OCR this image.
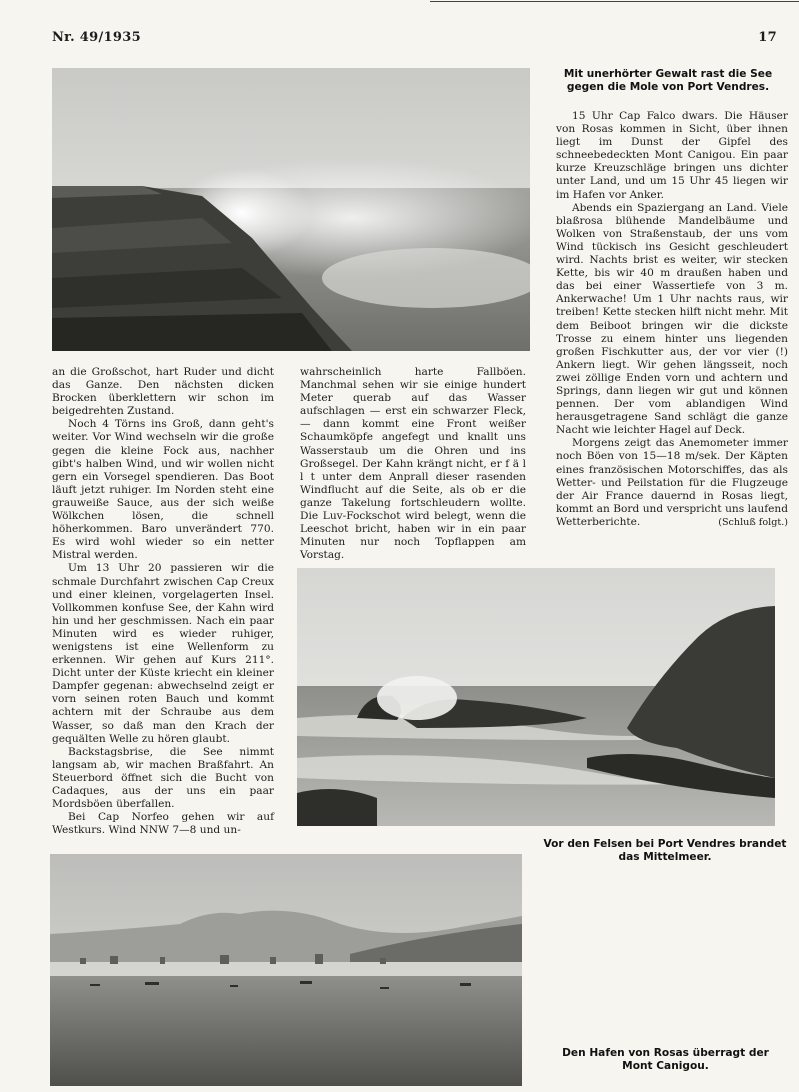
Nr. 49/1935	17
Mit unerhörter Gewalt rast die See gegen die Mole von Port Vendres.

15 Uhr Cap Falco dwars. Die Häuser von Rosas kommen in Sicht, über ihnen liegt im Dunst der Gipfel des schneebedeckten Mont Canigou. Ein paar kurze Kreuzschläge bringen uns dichter unter Land, und um 15 Uhr 45 liegen wir im Hafen vor Anker.

Abends ein Spaziergang an Land. Viele blaßrosa blühende Mandelbäume und Wolken von Straßenstaub, der uns vom Wind tückisch ins Gesicht geschleudert wird. Nachts brist es weiter, wir stecken Kette, bis wir 40 m draußen haben und das bei einer Wassertiefe von 3 m. Ankerwache! Um 1 Uhr nachts raus, wir treiben! Kette stecken hilft nicht mehr. Mit dem Beiboot bringen wir die dickste Trosse zu einem hinter uns liegenden großen Fischkutter aus, der vor vier (!) Ankern liegt. Wir gehen längsseit, noch zwei zöllige Enden vorn und achtern und Springs, dann liegen wir gut und können pennen. Der vom ablandigen Wind herausgetragene Sand schlägt die ganze Nacht wie leichter Hagel auf Deck.

Morgens zeigt das Anemometer immer noch Böen von 15—18 m/sek. Der Käpten eines französischen Motorschiffes, das als Wetter- und Peilstation für die Flugzeuge der Air France dauernd in Rosas liegt, kommt an Bord und verspricht uns laufend Wetterberichte.	(Schluß folgt.)

an die Großschot, hart Ruder und dicht das Ganze. Den nächsten dicken Brocken überklettern wir schon im beigedrehten Zustand.

Noch 4 Törns ins Groß, dann geht's weiter. Vor Wind wechseln wir die große gegen die kleine Fock aus, nachher gibt's halben Wind, und wir wollen nicht gern ein Vorsegel spendieren. Das Boot läuft jetzt ruhiger. Im Norden steht eine grauweiße Sauce, aus der sich weiße Wölkchen lösen, die schnell höherkommen. Baro unverändert 770. Es wird wohl wieder so ein netter Mistral werden.

Um 13 Uhr 20 passieren wir die schmale Durchfahrt zwischen Cap Creux und einer kleinen, vorgelagerten Insel. Vollkommen konfuse See, der Kahn wird hin und her geschmissen. Nach ein paar Minuten wird es wieder ruhiger, wenigstens ist eine Wellenform zu erkennen. Wir gehen auf Kurs 211°. Dicht unter der Küste kriecht ein kleiner Dampfer gegenan: abwechselnd zeigt er vorn seinen roten Bauch und kommt achtern mit der Schraube aus dem Wasser, so daß man den Krach der gequälten Welle zu hören glaubt.

Backstagsbrise, die See nimmt langsam ab, wir machen Braßfahrt. An Steuerbord öffnet sich die Bucht von Cadaques, aus der uns ein paar Mordsböen überfallen.

Bei Cap Norfeo gehen wir auf Westkurs. Wind NNW 7—8 und un-

wahrscheinlich harte Fallböen. Manchmal sehen wir sie einige hundert Meter querab auf das Wasser aufschlagen — erst ein schwarzer Fleck, — dann kommt eine Front weißer Schaumköpfe angefegt und knallt uns Wasserstaub um die Ohren und ins Großsegel. Der Kahn krängt nicht, er f ä l l t unter dem Anprall dieser rasenden Windflucht auf die Seite, als ob er die ganze Takelung fortschleudern wollte. Die Luv-Fockschot wird belegt, wenn die Leeschot bricht, haben wir in ein paar Minuten nur noch Topflappen am Vorstag.

Vor den Felsen bei Port Vendres brandet das Mittelmeer.
Den Hafen von Rosas überragt der Mont Canigou.
